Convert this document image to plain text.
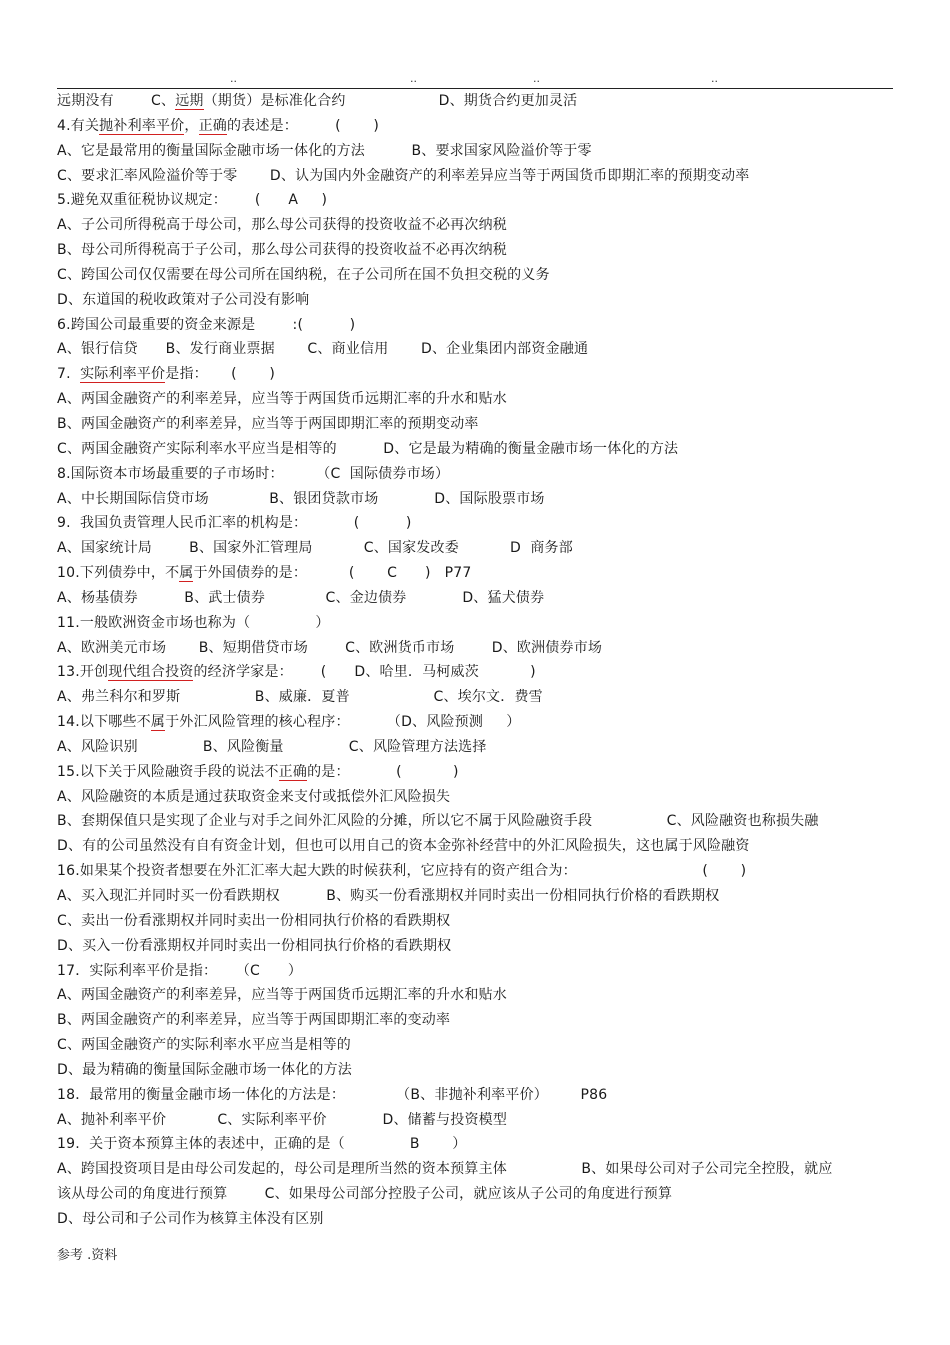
..	..	..	..
远期没有        C、远期（期货）是标准化合约                    D、期货合约更加灵活
4.有关抛补利率平价，正确的表述是：        (       )
A、它是最常用的衡量国际金融市场一体化的方法          B、要求国家风险溢价等于零
C、要求汇率风险溢价等于零       D、认为国内外金融资产的利率差异应当等于两国货币即期汇率的预期变动率
5.避免双重征税协议规定：      (      A     )
A、子公司所得税高于母公司，那么母公司获得的投资收益不必再次纳税
B、母公司所得税高于子公司，那么母公司获得的投资收益不必再次纳税
C、跨国公司仅仅需要在母公司所在国纳税，在子公司所在国不负担交税的义务
D、东道国的税收政策对子公司没有影响
6.跨国公司最重要的资金来源是        :(          )
A、银行信贷      B、发行商业票据       C、商业信用       D、企业集团内部资金融通
7.  实际利率平价是指：     (       )
A、两国金融资产的利率差异，应当等于两国货币远期汇率的升水和贴水
B、两国金融资产的利率差异，应当等于两国即期汇率的预期变动率
C、两国金融资产实际利率水平应当是相等的          D、它是最为精确的衡量金融市场一体化的方法
8.国际资本市场最重要的子市场时：       （C  国际债券市场）
A、中长期国际信贷市场             B、银团贷款市场            D、国际股票市场
9.  我国负责管理人民币汇率的机构是：          (          )
A、国家统计局        B、国家外汇管理局           C、国家发改委           D  商务部
10.下列债券中，不属于外国债券的是：         (       C      )   P77
A、杨基债券          B、武士债券             C、金边债券            D、猛犬债券
11.一般欧洲资金市场也称为（              ）
A、欧洲美元市场       B、短期借贷市场        C、欧洲货币市场        D、欧洲债券市场
13.开创现代组合投资的经济学家是：      (      D、哈里．马柯威茨           )
A、弗兰科尔和罗斯                B、威廉．夏普                  C、埃尔文．费雪
14.以下哪些不属于外汇风险管理的核心程序：        （D、风险预测     ）
A、风险识别              B、风险衡量              C、风险管理方法选择
15.以下关于风险融资手段的说法不正确的是：          (           )
A、风险融资的本质是通过获取资金来支付或抵偿外汇风险损失
B、套期保值只是实现了企业与对手之间外汇风险的分摊，所以它不属于风险融资手段                C、风险融资也称损失融
D、有的公司虽然没有自有资金计划，但也可以用自己的资本金弥补经营中的外汇风险损失，这也属于风险融资
16.如果某个投资者想要在外汇汇率大起大跌的时候获利，它应持有的资产组合为：                           (       )
A、买入现汇并同时买一份看跌期权          B、购买一份看涨期权并同时卖出一份相同执行价格的看跌期权
C、卖出一份看涨期权并同时卖出一份相同执行价格的看跌期权
D、买入一份看涨期权并同时卖出一份相同执行价格的看跌期权
17．实际利率平价是指：    （C      ）
A、两国金融资产的利率差异，应当等于两国货币远期汇率的升水和贴水
B、两国金融资产的利率差异，应当等于两国即期汇率的变动率
C、两国金融资产的实际利率水平应当是相等的
D、最为精确的衡量国际金融市场一体化的方法
18．最常用的衡量金融市场一体化的方法是：           （B、非抛补利率平价）       P86
A、抛补利率平价           C、实际利率平价            D、储蓄与投资模型
19.  关于资本预算主体的表述中，正确的是（              B       ）
A、跨国投资项目是由母公司发起的，母公司是理所当然的资本预算主体                B、如果母公司对子公司完全控股，就应
该从母公司的角度进行预算        C、如果母公司部分控股子公司，就应该从子公司的角度进行预算
D、母公司和子公司作为核算主体没有区别
参考 .资料
